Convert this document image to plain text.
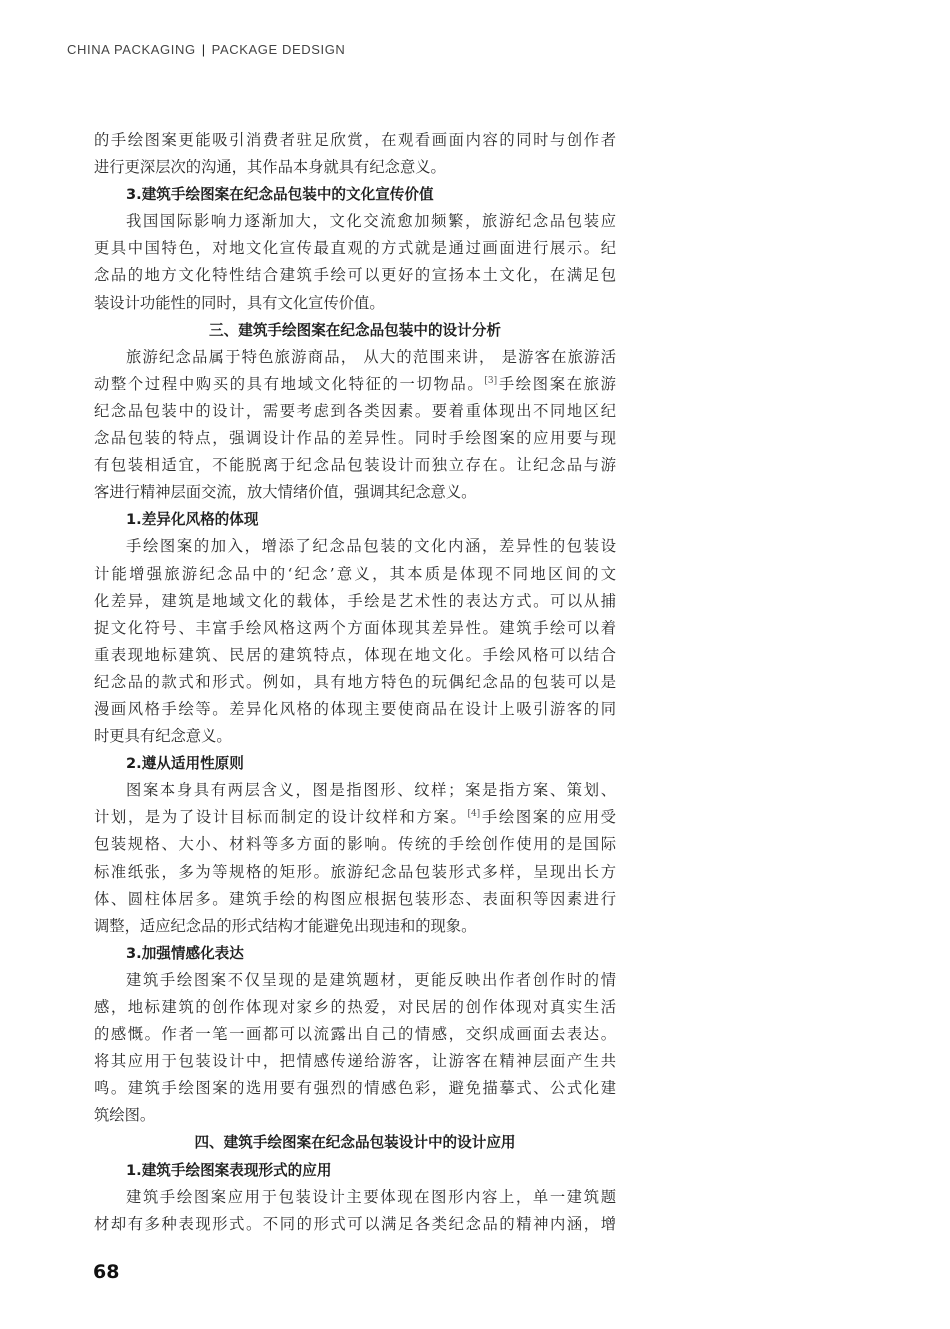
CHINA PACKAGING | PACKAGE DEDSIGN
的手绘图案更能吸引消费者驻足欣赏，在观看画面内容的同时与创作者
进行更深层次的沟通，其作品本身就具有纪念意义。
3.建筑手绘图案在纪念品包装中的文化宣传价值
我国国际影响力逐渐加大，文化交流愈加频繁，旅游纪念品包装应
更具中国特色，对地文化宣传最直观的方式就是通过画面进行展示。纪
念品的地方文化特性结合建筑手绘可以更好的宣扬本土文化，在满足包
装设计功能性的同时，具有文化宣传价值。
三、建筑手绘图案在纪念品包装中的设计分析
旅游纪念品属于特色旅游商品， 从大的范围来讲， 是游客在旅游活
动整个过程中购买的具有地域文化特征的一切物品。[3]手绘图案在旅游
纪念品包装中的设计，需要考虑到各类因素。要着重体现出不同地区纪
念品包装的特点，强调设计作品的差异性。同时手绘图案的应用要与现
有包装相适宜，不能脱离于纪念品包装设计而独立存在。让纪念品与游
客进行精神层面交流，放大情绪价值，强调其纪念意义。
1.差异化风格的体现
手绘图案的加入，增添了纪念品包装的文化内涵，差异性的包装设
计能增强旅游纪念品中的‘纪念’意义，其本质是体现不同地区间的文
化差异，建筑是地域文化的载体，手绘是艺术性的表达方式。可以从捕
捉文化符号、丰富手绘风格这两个方面体现其差异性。建筑手绘可以着
重表现地标建筑、民居的建筑特点，体现在地文化。手绘风格可以结合
纪念品的款式和形式。例如，具有地方特色的玩偶纪念品的包装可以是
漫画风格手绘等。差异化风格的体现主要使商品在设计上吸引游客的同
时更具有纪念意义。
2.遵从适用性原则
图案本身具有两层含义，图是指图形、纹样；案是指方案、策划、
计划，是为了设计目标而制定的设计纹样和方案。[4]手绘图案的应用受
包装规格、大小、材料等多方面的影响。传统的手绘创作使用的是国际
标准纸张，多为等规格的矩形。旅游纪念品包装形式多样，呈现出长方
体、圆柱体居多。建筑手绘的构图应根据包装形态、表面积等因素进行
调整，适应纪念品的形式结构才能避免出现违和的现象。
3.加强情感化表达
建筑手绘图案不仅呈现的是建筑题材，更能反映出作者创作时的情
感，地标建筑的创作体现对家乡的热爱，对民居的创作体现对真实生活
的感慨。作者一笔一画都可以流露出自己的情感，交织成画面去表达。
将其应用于包装设计中，把情感传递给游客，让游客在精神层面产生共
鸣。建筑手绘图案的选用要有强烈的情感色彩，避免描摹式、公式化建
筑绘图。
四、建筑手绘图案在纪念品包装设计中的设计应用
1.建筑手绘图案表现形式的应用
建筑手绘图案应用于包装设计主要体现在图形内容上，单一建筑题
材却有多种表现形式。不同的形式可以满足各类纪念品的精神内涵，增
68
